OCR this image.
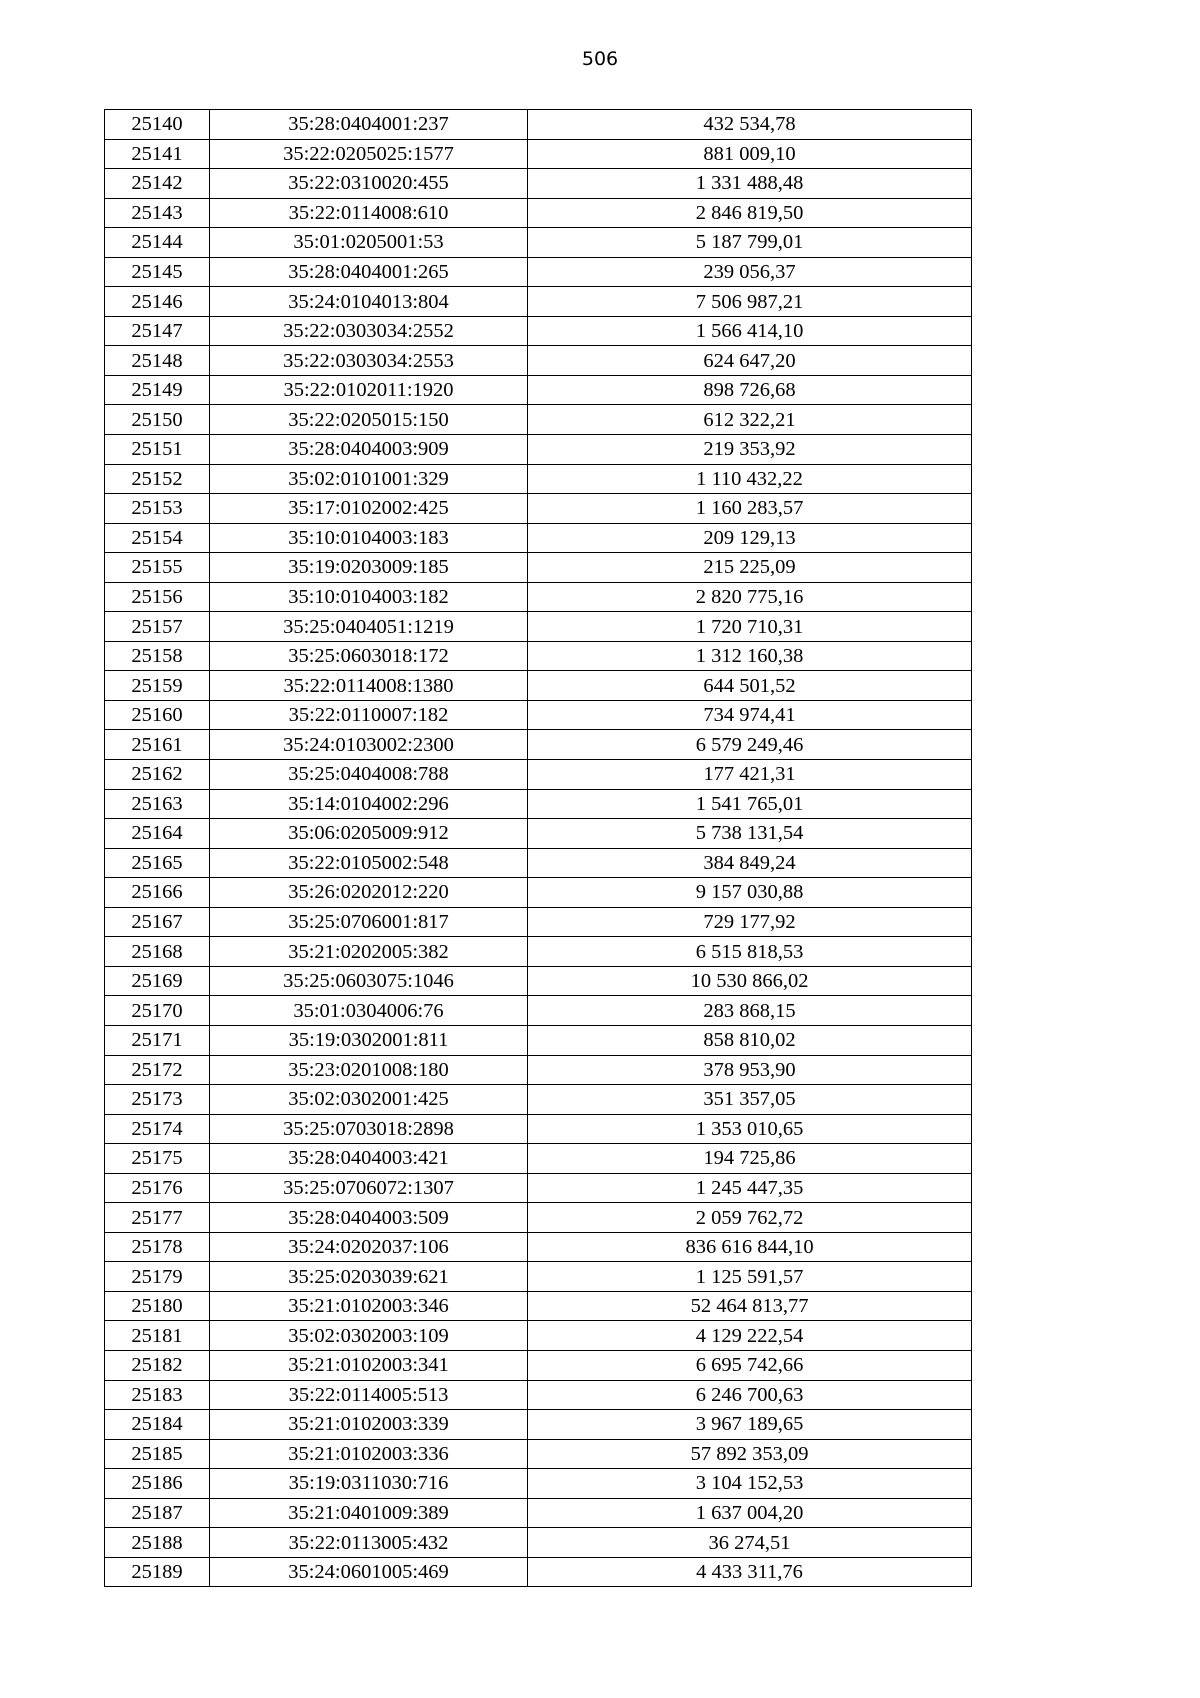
506
25140	35:28:0404001:237	432 534,78
25141	35:22:0205025:1577	881 009,10
25142	35:22:0310020:455	1 331 488,48
25143	35:22:0114008:610	2 846 819,50
25144	35:01:0205001:53	5 187 799,01
25145	35:28:0404001:265	239 056,37
25146	35:24:0104013:804	7 506 987,21
25147	35:22:0303034:2552	1 566 414,10
25148	35:22:0303034:2553	624 647,20
25149	35:22:0102011:1920	898 726,68
25150	35:22:0205015:150	612 322,21
25151	35:28:0404003:909	219 353,92
25152	35:02:0101001:329	1 110 432,22
25153	35:17:0102002:425	1 160 283,57
25154	35:10:0104003:183	209 129,13
25155	35:19:0203009:185	215 225,09
25156	35:10:0104003:182	2 820 775,16
25157	35:25:0404051:1219	1 720 710,31
25158	35:25:0603018:172	1 312 160,38
25159	35:22:0114008:1380	644 501,52
25160	35:22:0110007:182	734 974,41
25161	35:24:0103002:2300	6 579 249,46
25162	35:25:0404008:788	177 421,31
25163	35:14:0104002:296	1 541 765,01
25164	35:06:0205009:912	5 738 131,54
25165	35:22:0105002:548	384 849,24
25166	35:26:0202012:220	9 157 030,88
25167	35:25:0706001:817	729 177,92
25168	35:21:0202005:382	6 515 818,53
25169	35:25:0603075:1046	10 530 866,02
25170	35:01:0304006:76	283 868,15
25171	35:19:0302001:811	858 810,02
25172	35:23:0201008:180	378 953,90
25173	35:02:0302001:425	351 357,05
25174	35:25:0703018:2898	1 353 010,65
25175	35:28:0404003:421	194 725,86
25176	35:25:0706072:1307	1 245 447,35
25177	35:28:0404003:509	2 059 762,72
25178	35:24:0202037:106	836 616 844,10
25179	35:25:0203039:621	1 125 591,57
25180	35:21:0102003:346	52 464 813,77
25181	35:02:0302003:109	4 129 222,54
25182	35:21:0102003:341	6 695 742,66
25183	35:22:0114005:513	6 246 700,63
25184	35:21:0102003:339	3 967 189,65
25185	35:21:0102003:336	57 892 353,09
25186	35:19:0311030:716	3 104 152,53
25187	35:21:0401009:389	1 637 004,20
25188	35:22:0113005:432	36 274,51
25189	35:24:0601005:469	4 433 311,76
